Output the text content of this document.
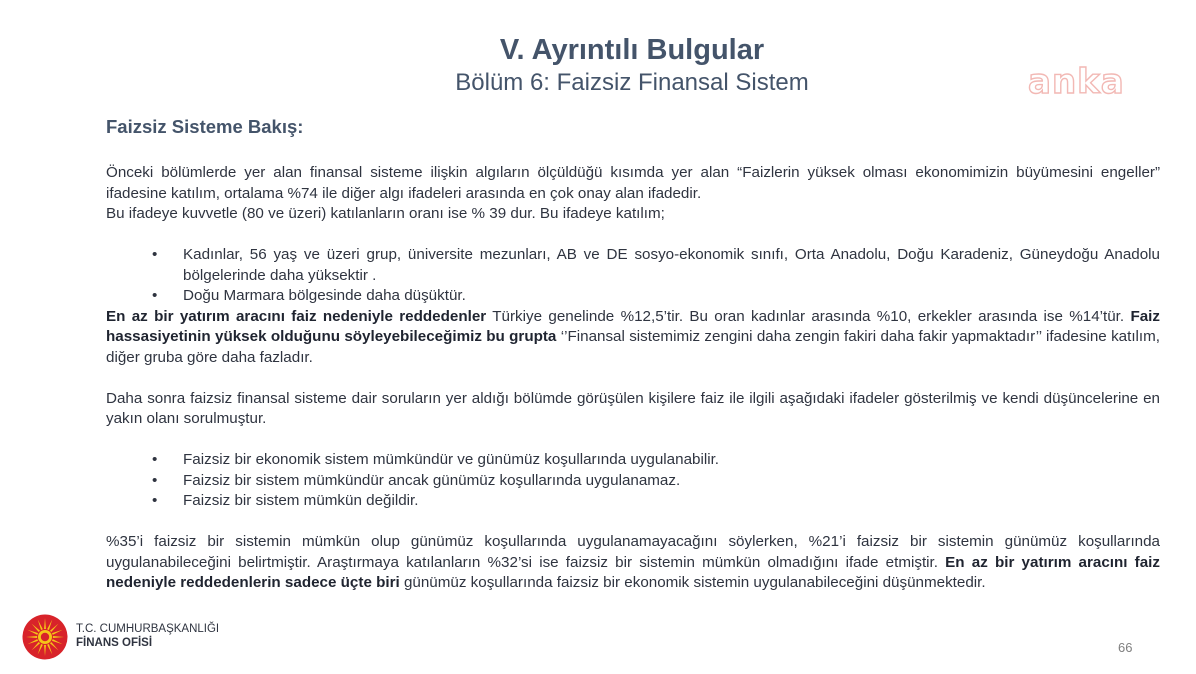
V. Ayrıntılı Bulgular
Bölüm 6: Faizsiz Finansal Sistem	anka
Faizsiz Sisteme Bakış:

Önceki bölümlerde yer alan finansal sisteme ilişkin algıların ölçüldüğü kısımda yer alan “Faizlerin yüksek olması ekonomimizin büyümesini engeller” ifadesine katılım, ortalama %74 ile diğer algı ifadeleri arasında en çok onay alan ifadedir.

Bu ifadeye kuvvetle (80 ve üzeri) katılanların oranı ise % 39 dur. Bu ifadeye katılım;

• Kadınlar, 56 yaş ve üzeri grup, üniversite mezunları, AB ve DE sosyo-ekonomik sınıfı, Orta Anadolu, Doğu Karadeniz, Güneydoğu Anadolu bölgelerinde daha yüksektir .
• Doğu Marmara bölgesinde daha düşüktür.

En az bir yatırım aracını faiz nedeniyle reddedenler Türkiye genelinde %12,5’tir. Bu oran kadınlar arasında %10, erkekler arasında ise %14’tür. Faiz hassasiyetinin yüksek olduğunu söyleyebileceğimiz bu grupta ‘’Finansal sistemimiz zengini daha zengin fakiri daha fakir yapmaktadır’’ ifadesine katılım, diğer gruba göre daha fazladır.

Daha sonra faizsiz finansal sisteme dair soruların yer aldığı bölümde görüşülen kişilere faiz ile ilgili aşağıdaki ifadeler gösterilmiş ve kendi düşüncelerine en yakın olanı sorulmuştur.

• Faizsiz bir ekonomik sistem mümkündür ve günümüz koşullarında uygulanabilir.
• Faizsiz bir sistem mümkündür ancak günümüz koşullarında uygulanamaz.
• Faizsiz bir sistem mümkün değildir.

%35’i faizsiz bir sistemin mümkün olup günümüz koşullarında uygulanamayacağını söylerken, %21’i faizsiz bir sistemin günümüz koşullarında uygulanabileceğini belirtmiştir. Araştırmaya katılanların %32’si ise faizsiz bir sistemin mümkün olmadığını ifade etmiştir. En az bir yatırım aracını faiz nedeniyle reddedenlerin sadece üçte biri günümüz koşullarında faizsiz bir ekonomik sistemin uygulanabileceğini düşünmektedir.

T.C. CUMHURBAŞKANLIĞI
FİNANS OFİSİ	66
